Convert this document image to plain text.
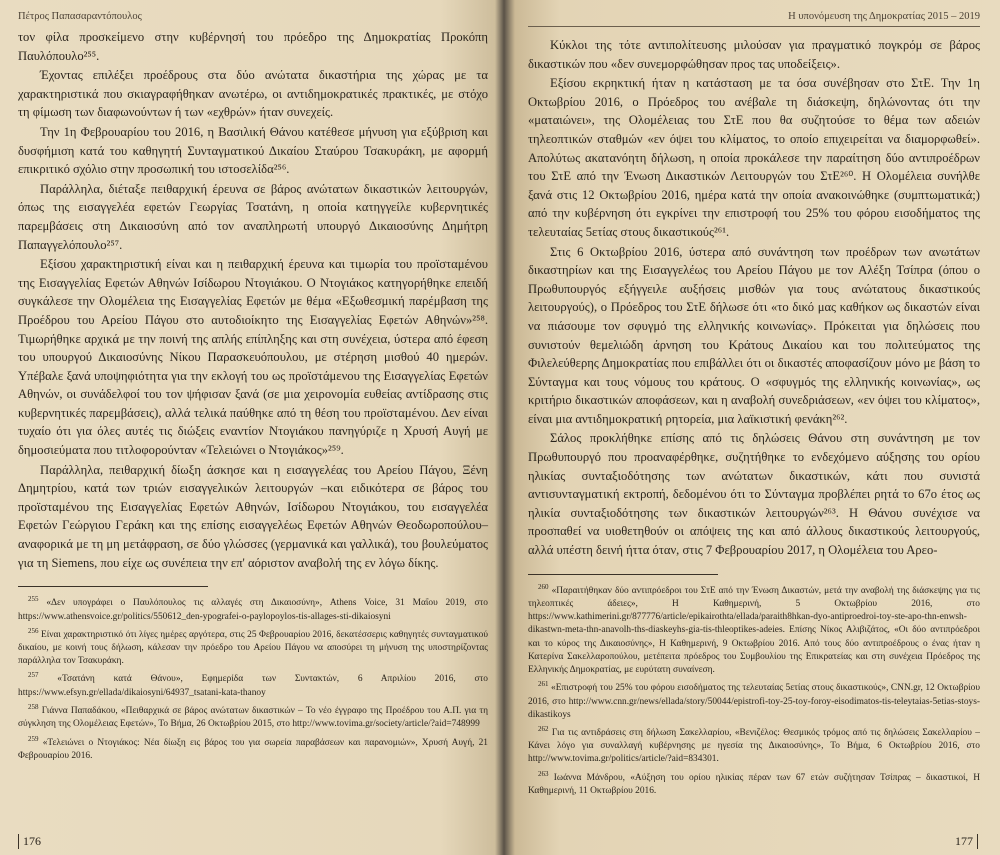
Πέτρος Παπασαραντόπουλος

τον φίλα προσκείμενο στην κυβέρνησή του πρόεδρο της Δημοκρατίας Προκόπη Παυλόπουλο²⁵⁵.

Έχοντας επιλέξει προέδρους στα δύο ανώτατα δικαστήρια της χώρας με τα χαρακτηριστικά που σκιαγραφήθηκαν ανωτέρω, οι αντιδημοκρατικές πρακτικές, με στόχο τη φίμωση των διαφωνούντων ή των «εχθρών» ήταν συνεχείς.

Την 1η Φεβρουαρίου του 2016, η Βασιλική Θάνου κατέθεσε μήνυση για εξύβριση και δυσφήμιση κατά του καθηγητή Συνταγματικού Δικαίου Σταύρου Τσακυράκη, με αφορμή επικριτικό σχόλιο στην προσωπική του ιστοσελίδα²⁵⁶.

Παράλληλα, διέταξε πειθαρχική έρευνα σε βάρος ανώτατων δικαστικών λειτουργών, όπως της εισαγγελέα εφετών Γεωργίας Τσατάνη, η οποία κατηγγείλε κυβερνητικές παρεμβάσεις στη Δικαιοσύνη από τον αναπληρωτή υπουργό Δικαιοσύνης Δημήτρη Παπαγγελόπουλο²⁵⁷.

Εξίσου χαρακτηριστική είναι και η πειθαρχική έρευνα και τιμωρία του προϊσταμένου της Εισαγγελίας Εφετών Αθηνών Ισίδωρου Ντογιάκου. Ο Ντογιάκος κατηγορήθηκε επειδή συγκάλεσε την Ολομέλεια της Εισαγγελίας Εφετών με θέμα «Εξωθεσμική παρέμβαση της Προέδρου του Αρείου Πάγου στο αυτοδιοίκητο της Εισαγγελίας Εφετών Αθηνών»²⁵⁸. Τιμωρήθηκε αρχικά με την ποινή της απλής επίπληξης και στη συνέχεια, ύστερα από έφεση του υπουργού Δικαιοσύνης Νίκου Παρασκευόπουλου, με στέρηση μισθού 40 ημερών. Υπέβαλε ξανά υποψηφιότητα για την εκλογή του ως προϊστάμενου της Εισαγγελίας Εφετών Αθηνών, οι συνάδελφοί του τον ψήφισαν ξανά (σε μια χειρονομία ευθείας αντίδρασης στις κυβερνητικές παρεμβάσεις), αλλά τελικά παύθηκε από τη θέση του προϊσταμένου. Δεν είναι τυχαίο ότι για όλες αυτές τις διώξεις εναντίον Ντογιάκου πανηγύριζε η Χρυσή Αυγή με δημοσιεύματα που τιτλοφορούνταν «Τελειώνει ο Ντογιάκος»²⁵⁹.

Παράλληλα, πειθαρχική δίωξη άσκησε και η εισαγγελέας του Αρείου Πάγου, Ξένη Δημητρίου, κατά των τριών εισαγγελικών λειτουργών –και ειδικότερα σε βάρος του προϊσταμένου της Εισαγγελίας Εφετών Αθηνών, Ισίδωρου Ντογιάκου, του εισαγγελέα Εφετών Γεώργιου Γεράκη και της επίσης εισαγγελέως Εφετών Αθηνών Θεοδωροπούλου– αναφορικά με τη μη μετάφραση, σε δύο γλώσσες (γερμανικά και γαλλικά), του βουλεύματος για τη Siemens, που είχε ως συνέπεια την επ' αόριστον αναβολή της εν λόγω δίκης.

$^{255}$ «Δεν υπογράφει ο Παυλόπουλος τις αλλαγές στη Δικαιοσύνη», Athens Voice, 31 Μαΐου 2019, στο https://www.athensvoice.gr/politics/550612_den-ypografei-o-paylopoylos-tis-allages-sti-dikaiosyni

$^{256}$ Είναι χαρακτηριστικό ότι λίγες ημέρες αργότερα, στις 25 Φεβρουαρίου 2016, δεκατέσσερις καθηγητές συνταγματικού δικαίου, με κοινή τους δήλωση, κάλεσαν την πρόεδρο του Αρείου Πάγου να αποσύρει τη μήνυση της υποστηρίζοντας παράλληλα τον Τσακυράκη.

$^{257}$ «Τσατάνη κατά Θάνου», Εφημερίδα των Συντακτών, 6 Απριλίου 2016, στο https://www.efsyn.gr/ellada/dikaiosyni/64937_tsatani-kata-thanoy

$^{258}$ Γιάννα Παπαδάκου, «Πειθαρχικά σε βάρος ανώτατων δικαστικών – Το νέο έγγραφο της Προέδρου του Α.Π. για τη σύγκληση της Ολομέλειας Εφετών», Το Βήμα, 26 Οκτωβρίου 2015, στο http://www.tovima.gr/society/article/?aid=748999

$^{259}$ «Τελειώνει ο Ντογιάκος: Νέα δίωξη εις βάρος του για σωρεία παραβάσεων και παρανομιών», Χρυσή Αυγή, 21 Φεβρουαρίου 2016.

176
Η υπονόμευση της Δημοκρατίας 2015 – 2019

Κύκλοι της τότε αντιπολίτευσης μιλούσαν για πραγματικό πογκρόμ σε βάρος δικαστικών που «δεν συνεμορφώθησαν προς τας υποδείξεις».

Εξίσου εκρηκτική ήταν η κατάσταση με τα όσα συνέβησαν στο ΣτΕ. Την 1η Οκτωβρίου 2016, ο Πρόεδρος του ανέβαλε τη διάσκεψη, δηλώνοντας ότι την «ματαιώνει», της Ολομέλειας του ΣτΕ που θα συζητούσε το θέμα των αδειών τηλεοπτικών σταθμών «εν όψει του κλίματος, το οποίο επιχειρείται να διαμορφωθεί». Απολύτως ακατανόητη δήλωση, η οποία προκάλεσε την παραίτηση δύο αντιπροέδρων του ΣτΕ από την Ένωση Δικαστικών Λειτουργών του ΣτΕ²⁶⁰. Η Ολομέλεια συνήλθε ξανά στις 12 Οκτωβρίου 2016, ημέρα κατά την οποία ανακοινώθηκε (συμπτωματικά;) από την κυβέρνηση ότι εγκρίνει την επιστροφή του 25% του φόρου εισοδήματος της τελευταίας 5ετίας στους δικαστικούς²⁶¹.

Στις 6 Οκτωβρίου 2016, ύστερα από συνάντηση των προέδρων των ανωτάτων δικαστηρίων και της Εισαγγελέως του Αρείου Πάγου με τον Αλέξη Τσίπρα (όπου ο Πρωθυπουργός εξήγγειλε αυξήσεις μισθών για τους ανώτατους δικαστικούς λειτουργούς), ο Πρόεδρος του ΣτΕ δήλωσε ότι «το δικό μας καθήκον ως δικαστών είναι να πιάσουμε τον σφυγμό της ελληνικής κοινωνίας». Πρόκειται για δηλώσεις που συνιστούν θεμελιώδη άρνηση του Κράτους Δικαίου και του πολιτεύματος της Φιλελεύθερης Δημοκρατίας που επιβάλλει ότι οι δικαστές αποφασίζουν μόνο με βάση το Σύνταγμα και τους νόμους του κράτους. Ο «σφυγμός της ελληνικής κοινωνίας», ως κριτήριο δικαστικών αποφάσεων, και η αναβολή συνεδριάσεων, «εν όψει του κλίματος», είναι μια αντιδημοκρατική ρητορεία, μια λαϊκιστική φενάκη²⁶².

Σάλος προκλήθηκε επίσης από τις δηλώσεις Θάνου στη συνάντηση με τον Πρωθυπουργό που προαναφέρθηκε, συζητήθηκε το ενδεχόμενο αύξησης του ορίου ηλικίας συνταξιοδότησης των ανώτατων δικαστικών, κάτι που συνιστά αντισυνταγματική εκτροπή, δεδομένου ότι το Σύνταγμα προβλέπει ρητά το 67ο έτος ως ηλικία συνταξιοδότησης των δικαστικών λειτουργών²⁶³. Η Θάνου συνέχισε να προσπαθεί να υιοθετηθούν οι απόψεις της και από άλλους δικαστικούς λειτουργούς, αλλά υπέστη δεινή ήττα όταν, στις 7 Φεβρουαρίου 2017, η Ολομέλεια του Αρεο-

$^{260}$ «Παραιτήθηκαν δύο αντιπρόεδροι του ΣτΕ από την Ένωση Δικαστών, μετά την αναβολή της διάσκεψης για τις τηλεοπτικές άδειες», Η Καθημερινή, 5 Οκτωβρίου 2016, στο https://www.kathimerini.gr/877776/article/epikairothta/ellada/paraith8hkan-dyo-antiproedroi-toy-ste-apo-thn-enwsh-dikastwn-meta-thn-anavolh-ths-diaskeyhs-gia-tis-thleoptikes-adeies. Επίσης Νίκος Αλιβιζάτος, «Οι δύο αντιπρόεδροι και το κύρος της Δικαιοσύνης», Η Καθημερινή, 9 Οκτωβρίου 2016. Από τους δύο αντιπροέδρους ο ένας ήταν η Κατερίνα Σακελλαροπούλου, μετέπειτα πρόεδρος του Συμβουλίου της Επικρατείας και στη συνέχεια Πρόεδρος της Ελληνικής Δημοκρατίας, με ευρύτατη συναίνεση.

$^{261}$ «Επιστροφή του 25% του φόρου εισοδήματος της τελευταίας 5ετίας στους δικαστικούς», CNN.gr, 12 Οκτωβρίου 2016, στο http://www.cnn.gr/news/ellada/story/50044/epistrofi-toy-25-toy-foroy-eisodimatos-tis-teleytaias-5etias-stoys-dikastikoys

$^{262}$ Για τις αντιδράσεις στη δήλωση Σακελλαρίου, «Βενιζέλος: Θεσμικός τρόμος από τις δηλώσεις Σακελλαρίου – Κάνει λόγο για συναλλαγή κυβέρνησης με ηγεσία της Δικαιοσύνης», Το Βήμα, 6 Οκτωβρίου 2016, στο http://www.tovima.gr/politics/article/?aid=834301.

$^{263}$ Ιωάννα Μάνδρου, «Αύξηση του ορίου ηλικίας πέραν των 67 ετών συζήτησαν Τσίπρας – δικαστικοί, Η Καθημερινή, 11 Οκτωβρίου 2016.

177
